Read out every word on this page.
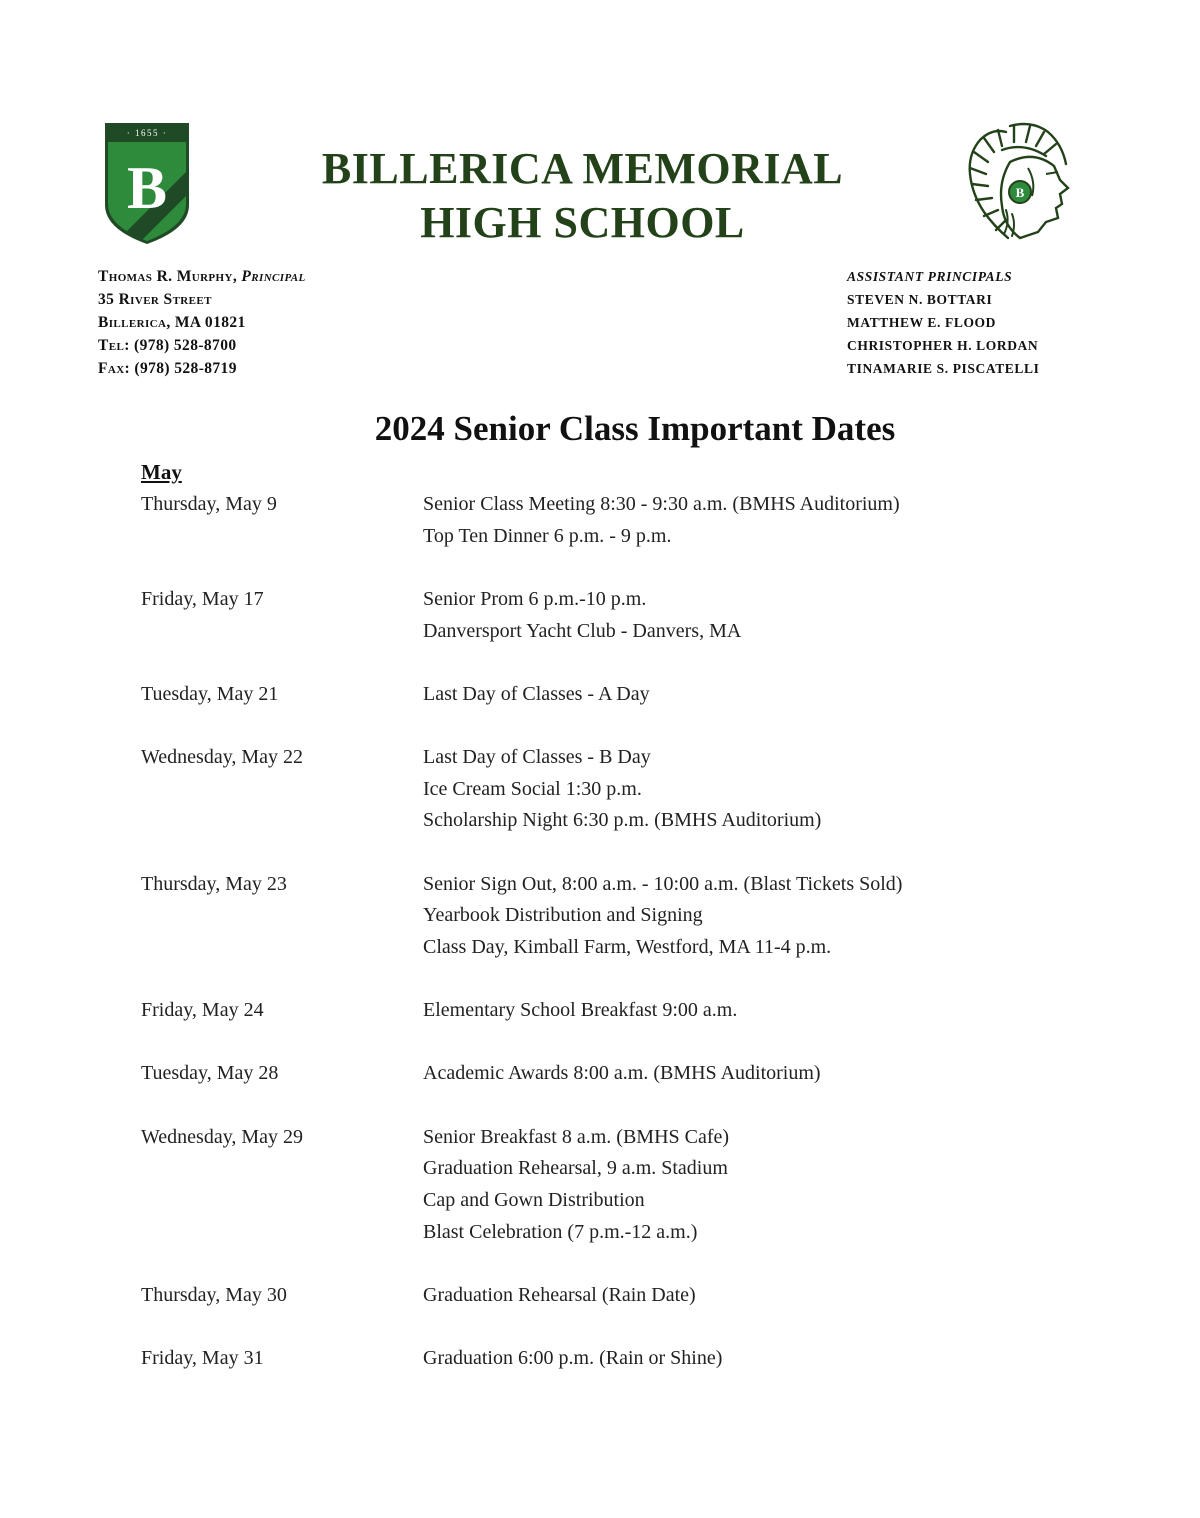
· 1655 ·
B	BILLERICA MEMORIAL
HIGH SCHOOL
B
Thomas R. Murphy, Principal
35 River Street
Billerica, MA 01821
Tel: (978) 528-8700
Fax: (978) 528-8719
ASSISTANT PRINCIPALS
STEVEN N. BOTTARI
MATTHEW E. FLOOD
CHRISTOPHER H. LORDAN
TINAMARIE S. PISCATELLI
2024 Senior Class Important Dates
May
Thursday, May 9	Senior Class Meeting 8:30 - 9:30 a.m. (BMHS Auditorium)
Top Ten Dinner 6 p.m. - 9 p.m.
Friday, May 17	Senior Prom 6 p.m.-10 p.m.
Danversport Yacht Club - Danvers, MA
Tuesday, May 21	Last Day of Classes - A Day
Wednesday, May 22	Last Day of Classes - B Day
Ice Cream Social 1:30 p.m.
Scholarship Night 6:30 p.m. (BMHS Auditorium)
Thursday, May 23	Senior Sign Out, 8:00 a.m. - 10:00 a.m. (Blast Tickets Sold)
Yearbook Distribution and Signing
Class Day, Kimball Farm, Westford, MA 11-4 p.m.
Friday, May 24	Elementary School Breakfast 9:00 a.m.
Tuesday, May 28	Academic Awards 8:00 a.m. (BMHS Auditorium)
Wednesday, May 29	Senior Breakfast 8 a.m. (BMHS Cafe)
Graduation Rehearsal, 9 a.m. Stadium
Cap and Gown Distribution
Blast Celebration (7 p.m.-12 a.m.)
Thursday, May 30	Graduation Rehearsal (Rain Date)
Friday, May 31	Graduation 6:00 p.m. (Rain or Shine)
